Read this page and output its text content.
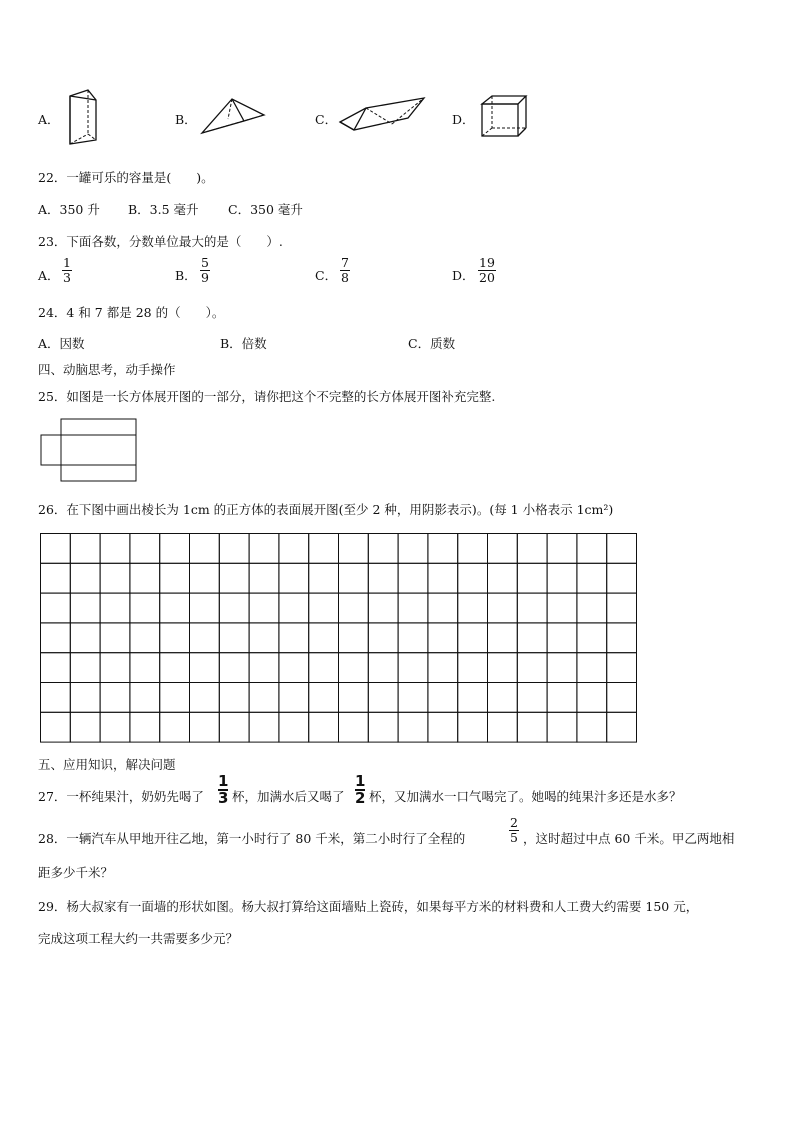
A．	B．	C．	D．
22．一罐可乐的容量是(　　)。
A．350 升 B．3.5 毫升 C．350 毫升
23．下面各数，分数单位最大的是（　　）.
A． $\frac{1}{3}$	B． $\frac{5}{9}$	C． $\frac{7}{8}$	D． $\frac{19}{20}$
24．4 和 7 都是 28 的（　　）。
A．因数	B．倍数	C．质数
四、动脑思考，动手操作
25．如图是一长方体展开图的一部分，请你把这个不完整的长方体展开图补充完整.
26．在下图中画出棱长为 1cm 的正方体的表面展开图(至少 2 种，用阴影表示)。(每 1 小格表示 1cm²)
五、应用知识，解决问题
27．一杯纯果汁，奶奶先喝了 $\frac{1}{3}$ 杯，加满水后又喝了 $\frac{1}{2}$ 杯，又加满水一口气喝完了。她喝的纯果汁多还是水多？
28．一辆汽车从甲地开往乙地，第一小时行了 80 千米，第二小时行了全程的	$\frac{2}{5}$ ，这时超过中点 60 千米。甲乙两地相
距多少千米？
29．杨大叔家有一面墙的形状如图。杨大叔打算给这面墙贴上瓷砖，如果每平方米的材料费和人工费大约需要 150 元，
完成这项工程大约一共需要多少元？
